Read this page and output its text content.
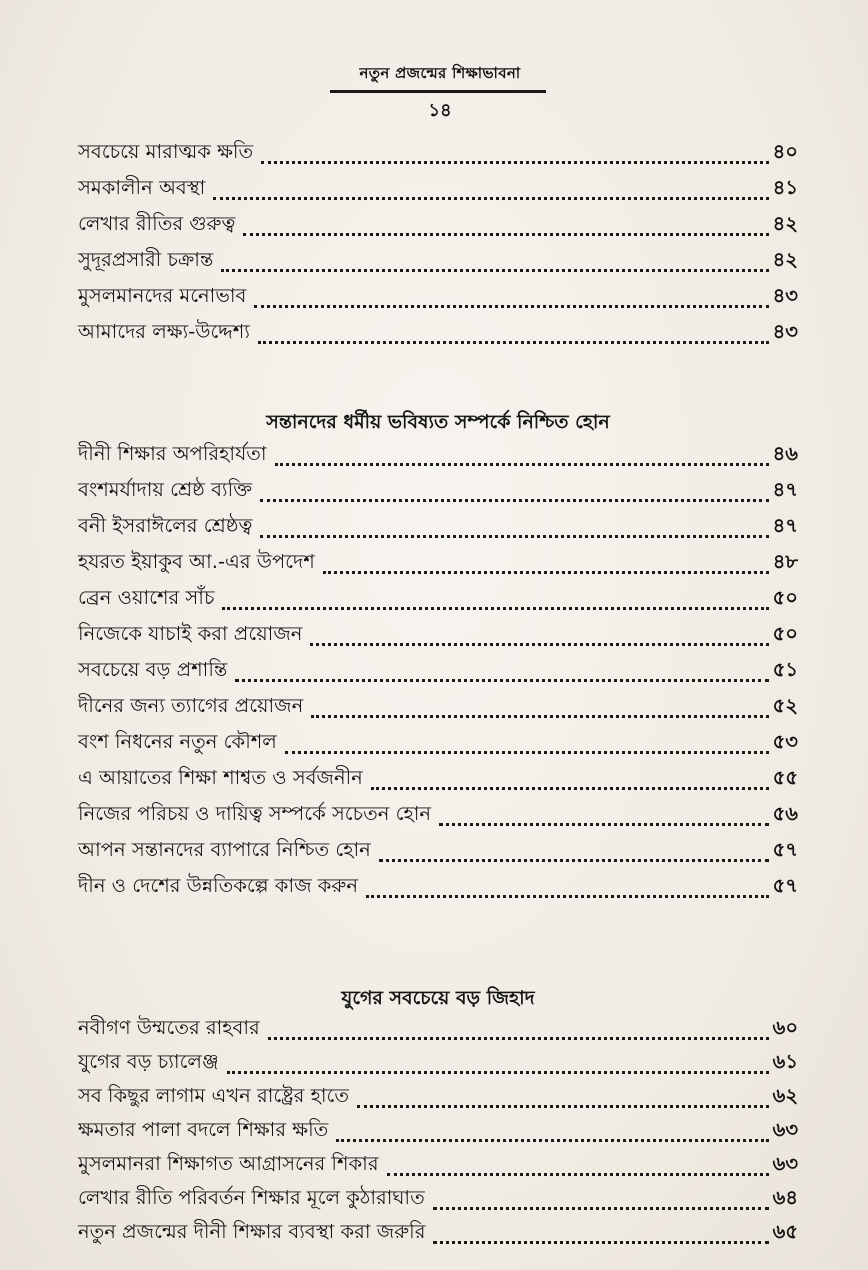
নতুন প্রজন্মের শিক্ষাভাবনা
১৪
সবচেয়ে মারাত্মক ক্ষতি	৪০
সমকালীন অবস্থা	৪১
লেখার রীতির গুরুত্ব	৪২
সুদূরপ্রসারী চক্রান্ত	৪২
মুসলমানদের মনোভাব	৪৩
আমাদের লক্ষ্য-উদ্দেশ্য	৪৩
সন্তানদের ধর্মীয় ভবিষ্যত সম্পর্কে নিশ্চিত হোন
দীনী শিক্ষার অপরিহার্যতা	৪৬
বংশমর্যাদায় শ্রেষ্ঠ ব্যক্তি	৪৭
বনী ইসরাঈলের শ্রেষ্ঠত্ব	৪৭
হযরত ইয়াকুব আ.-এর উপদেশ	৪৮
ব্রেন ওয়াশের সাঁচ	৫০
নিজেকে যাচাই করা প্রয়োজন	৫০
সবচেয়ে বড় প্রশান্তি	৫১
দীনের জন্য ত্যাগের প্রয়োজন	৫২
বংশ নিধনের নতুন কৌশল	৫৩
এ আয়াতের শিক্ষা শাশ্বত ও সর্বজনীন	৫৫
নিজের পরিচয় ও দায়িত্ব সম্পর্কে সচেতন হোন	৫৬
আপন সন্তানদের ব্যাপারে নিশ্চিত হোন	৫৭
দীন ও দেশের উন্নতিকল্পে কাজ করুন	৫৭
যুগের সবচেয়ে বড় জিহাদ
নবীগণ উম্মতের রাহবার	৬০
যুগের বড় চ্যালেঞ্জ	৬১
সব কিছুর লাগাম এখন রাষ্ট্রের হাতে	৬২
ক্ষমতার পালা বদলে শিক্ষার ক্ষতি	৬৩
মুসলমানরা শিক্ষাগত আগ্রাসনের শিকার	৬৩
লেখার রীতি পরিবর্তন শিক্ষার মূলে কুঠারাঘাত	৬৪
নতুন প্রজন্মের দীনী শিক্ষার ব্যবস্থা করা জরুরি	৬৫
